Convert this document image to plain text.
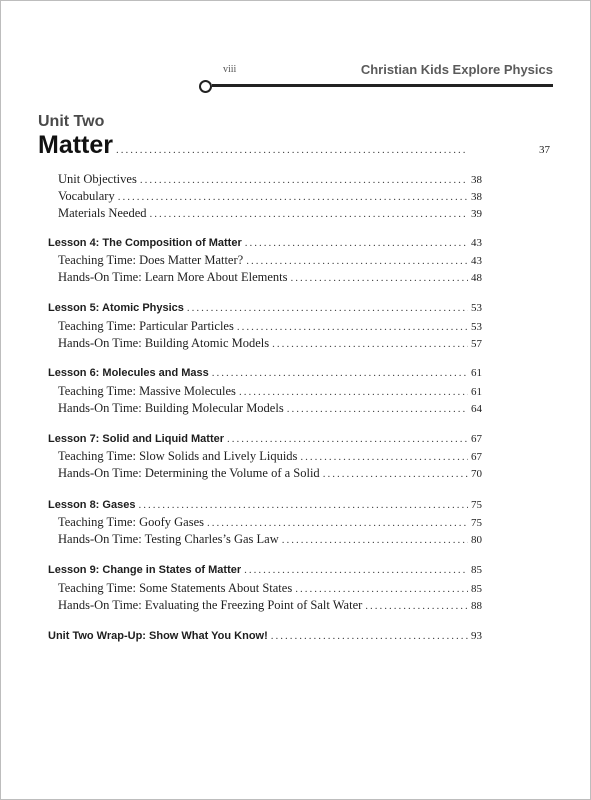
viii	Christian Kids Explore Physics
Unit Two
Matter .....	37
Unit Objectives .....	38
Vocabulary .....	38
Materials Needed .....	39
Lesson 4: The Composition of Matter .....	43
Teaching Time: Does Matter Matter? .....	43
Hands-On Time: Learn More About Elements .....	48
Lesson 5: Atomic Physics .....	53
Teaching Time: Particular Particles .....	53
Hands-On Time: Building Atomic Models .....	57
Lesson 6: Molecules and Mass .....	61
Teaching Time: Massive Molecules .....	61
Hands-On Time: Building Molecular Models .....	64
Lesson 7: Solid and Liquid Matter .....	67
Teaching Time: Slow Solids and Lively Liquids .....	67
Hands-On Time: Determining the Volume of a Solid .....	70
Lesson 8: Gases .....	75
Teaching Time: Goofy Gases .....	75
Hands-On Time: Testing Charles’s Gas Law .....	80
Lesson 9: Change in States of Matter .....	85
Teaching Time: Some Statements About States .....	85
Hands-On Time: Evaluating the Freezing Point of Salt Water .....	88
Unit Two Wrap-Up: Show What You Know! .....	93
